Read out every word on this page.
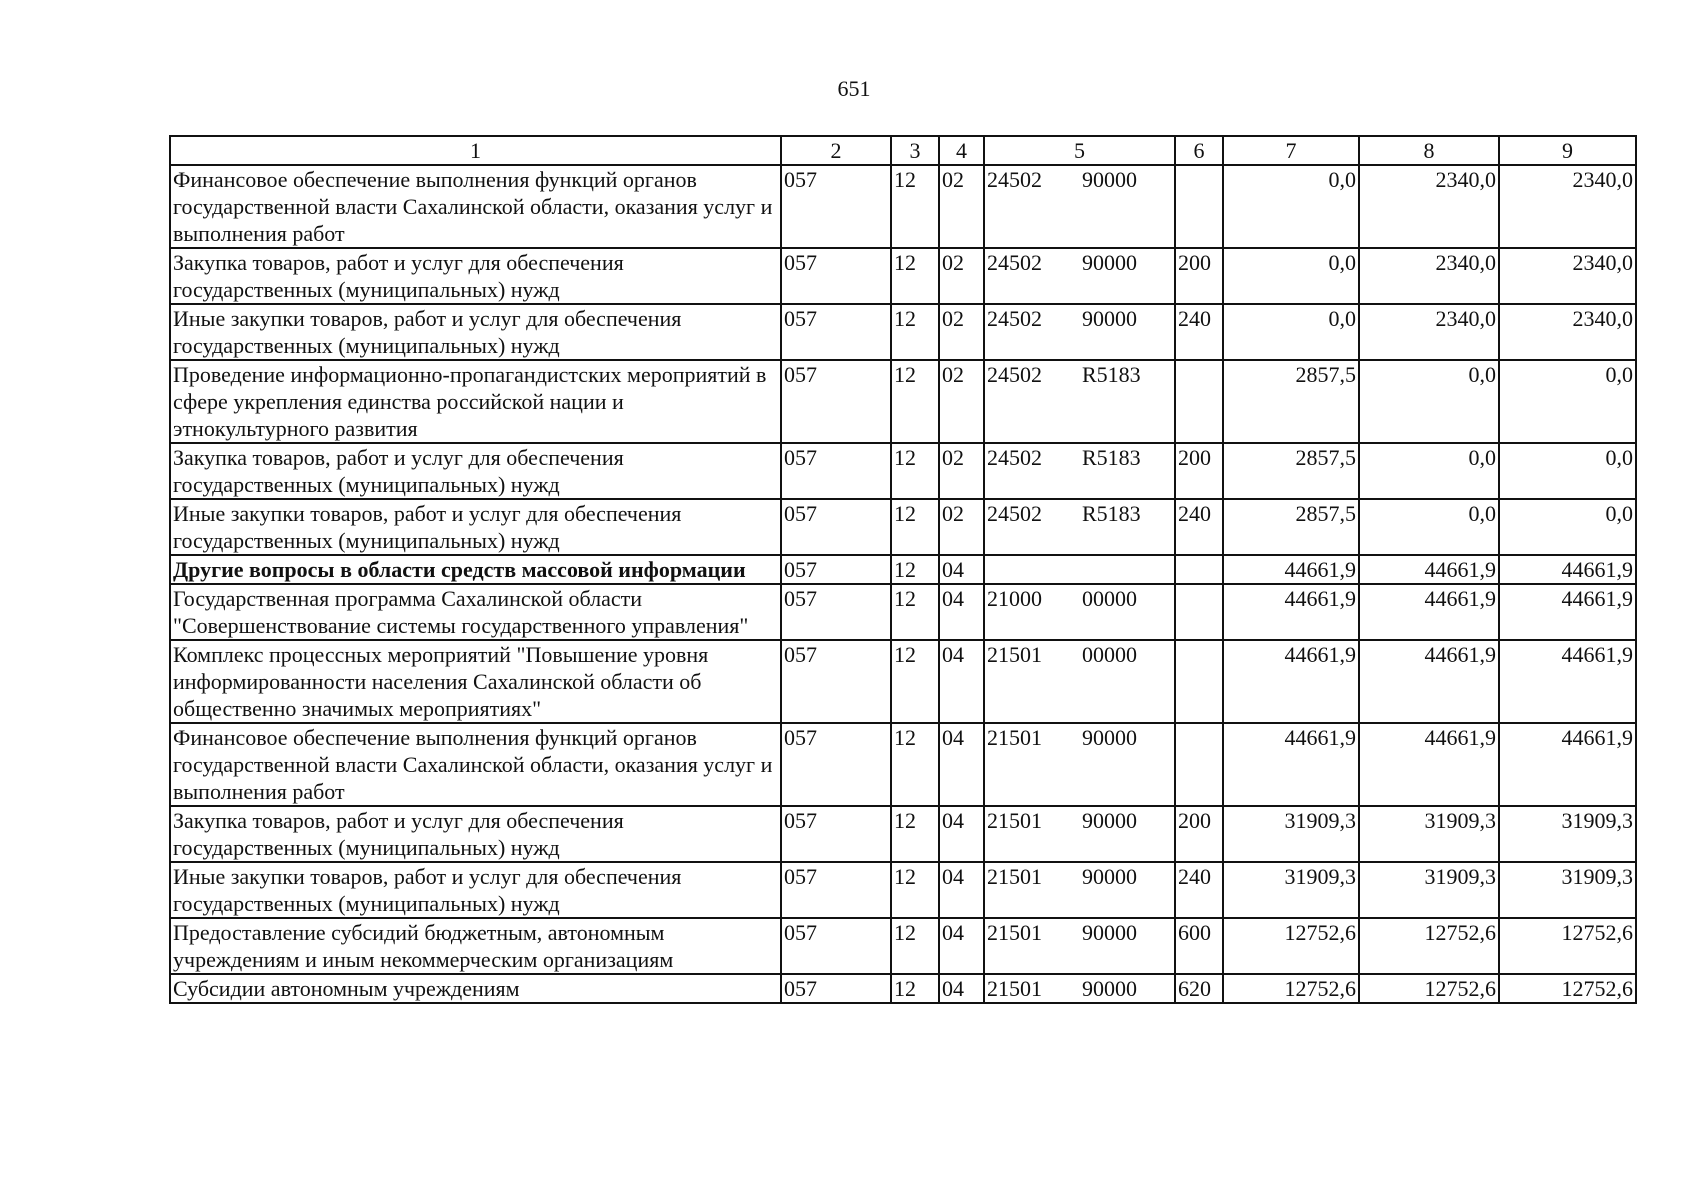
651
1	2	3	4	5	6	7	8	9
Финансовое обеспечение выполнения функций органов государственной власти Сахалинской области, оказания услуг и выполнения работ	057	12	02	24502 90000		0,0	2340,0	2340,0
Закупка товаров, работ и услуг для обеспечения государственных (муниципальных) нужд	057	12	02	24502 90000	200	0,0	2340,0	2340,0
Иные закупки товаров, работ и услуг для обеспечения государственных (муниципальных) нужд	057	12	02	24502 90000	240	0,0	2340,0	2340,0
Проведение информационно-пропагандистских мероприятий в сфере укрепления единства российской нации и этнокультурного развития	057	12	02	24502 R5183		2857,5	0,0	0,0
Закупка товаров, работ и услуг для обеспечения государственных (муниципальных) нужд	057	12	02	24502 R5183	200	2857,5	0,0	0,0
Иные закупки товаров, работ и услуг для обеспечения государственных (муниципальных) нужд	057	12	02	24502 R5183	240	2857,5	0,0	0,0
Другие вопросы в области средств массовой информации	057	12	04			44661,9	44661,9	44661,9
Государственная программа Сахалинской области "Совершенствование системы государственного управления"	057	12	04	21000 00000		44661,9	44661,9	44661,9
Комплекс процессных мероприятий "Повышение уровня информированности населения Сахалинской области об общественно значимых мероприятиях"	057	12	04	21501 00000		44661,9	44661,9	44661,9
Финансовое обеспечение выполнения функций органов государственной власти Сахалинской области, оказания услуг и выполнения работ	057	12	04	21501 90000		44661,9	44661,9	44661,9
Закупка товаров, работ и услуг для обеспечения государственных (муниципальных) нужд	057	12	04	21501 90000	200	31909,3	31909,3	31909,3
Иные закупки товаров, работ и услуг для обеспечения государственных (муниципальных) нужд	057	12	04	21501 90000	240	31909,3	31909,3	31909,3
Предоставление субсидий бюджетным, автономным учреждениям и иным некоммерческим организациям	057	12	04	21501 90000	600	12752,6	12752,6	12752,6
Субсидии автономным учреждениям	057	12	04	21501 90000	620	12752,6	12752,6	12752,6
